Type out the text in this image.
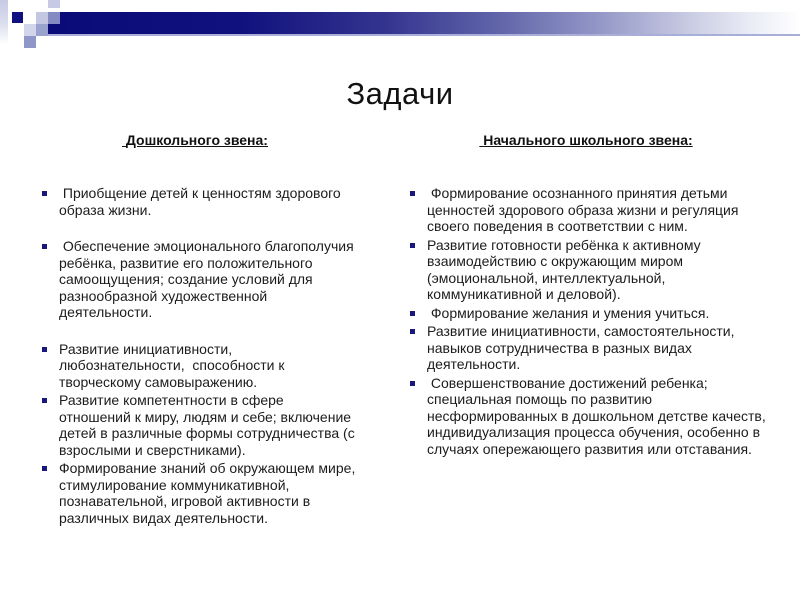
Задачи
Дошкольного звена:
Приобщение детей к ценностям здорового образа жизни.
Обеспечение эмоционального благополучия ребёнка, развитие его положительного самоощущения; создание условий для разнообразной художественной деятельности.
Развитие инициативности, любознательности,  способности к творческому самовыражению.
Развитие компетентности в сфере отношений к миру, людям и себе; включение детей в различные формы сотрудничества (с взрослыми и сверстниками).
Формирование знаний об окружающем мире, стимулирование коммуникативной, познавательной, игровой активности в различных видах деятельности.
Начального школьного звена:
Формирование осознанного принятия детьми ценностей здорового образа жизни и регуляция своего поведения в соответствии с ним.
Развитие готовности ребёнка к активному взаимодействию с окружающим миром (эмоциональной, интеллектуальной, коммуникативной и деловой).
Формирование желания и умения учиться.
Развитие инициативности, самостоятельности, навыков сотрудничества в разных видах деятельности.
Совершенствование достижений ребенка; специальная помощь по развитию несформированных в дошкольном детстве качеств, индивидуализация процесса обучения, особенно в случаях опережающего развития или отставания.
